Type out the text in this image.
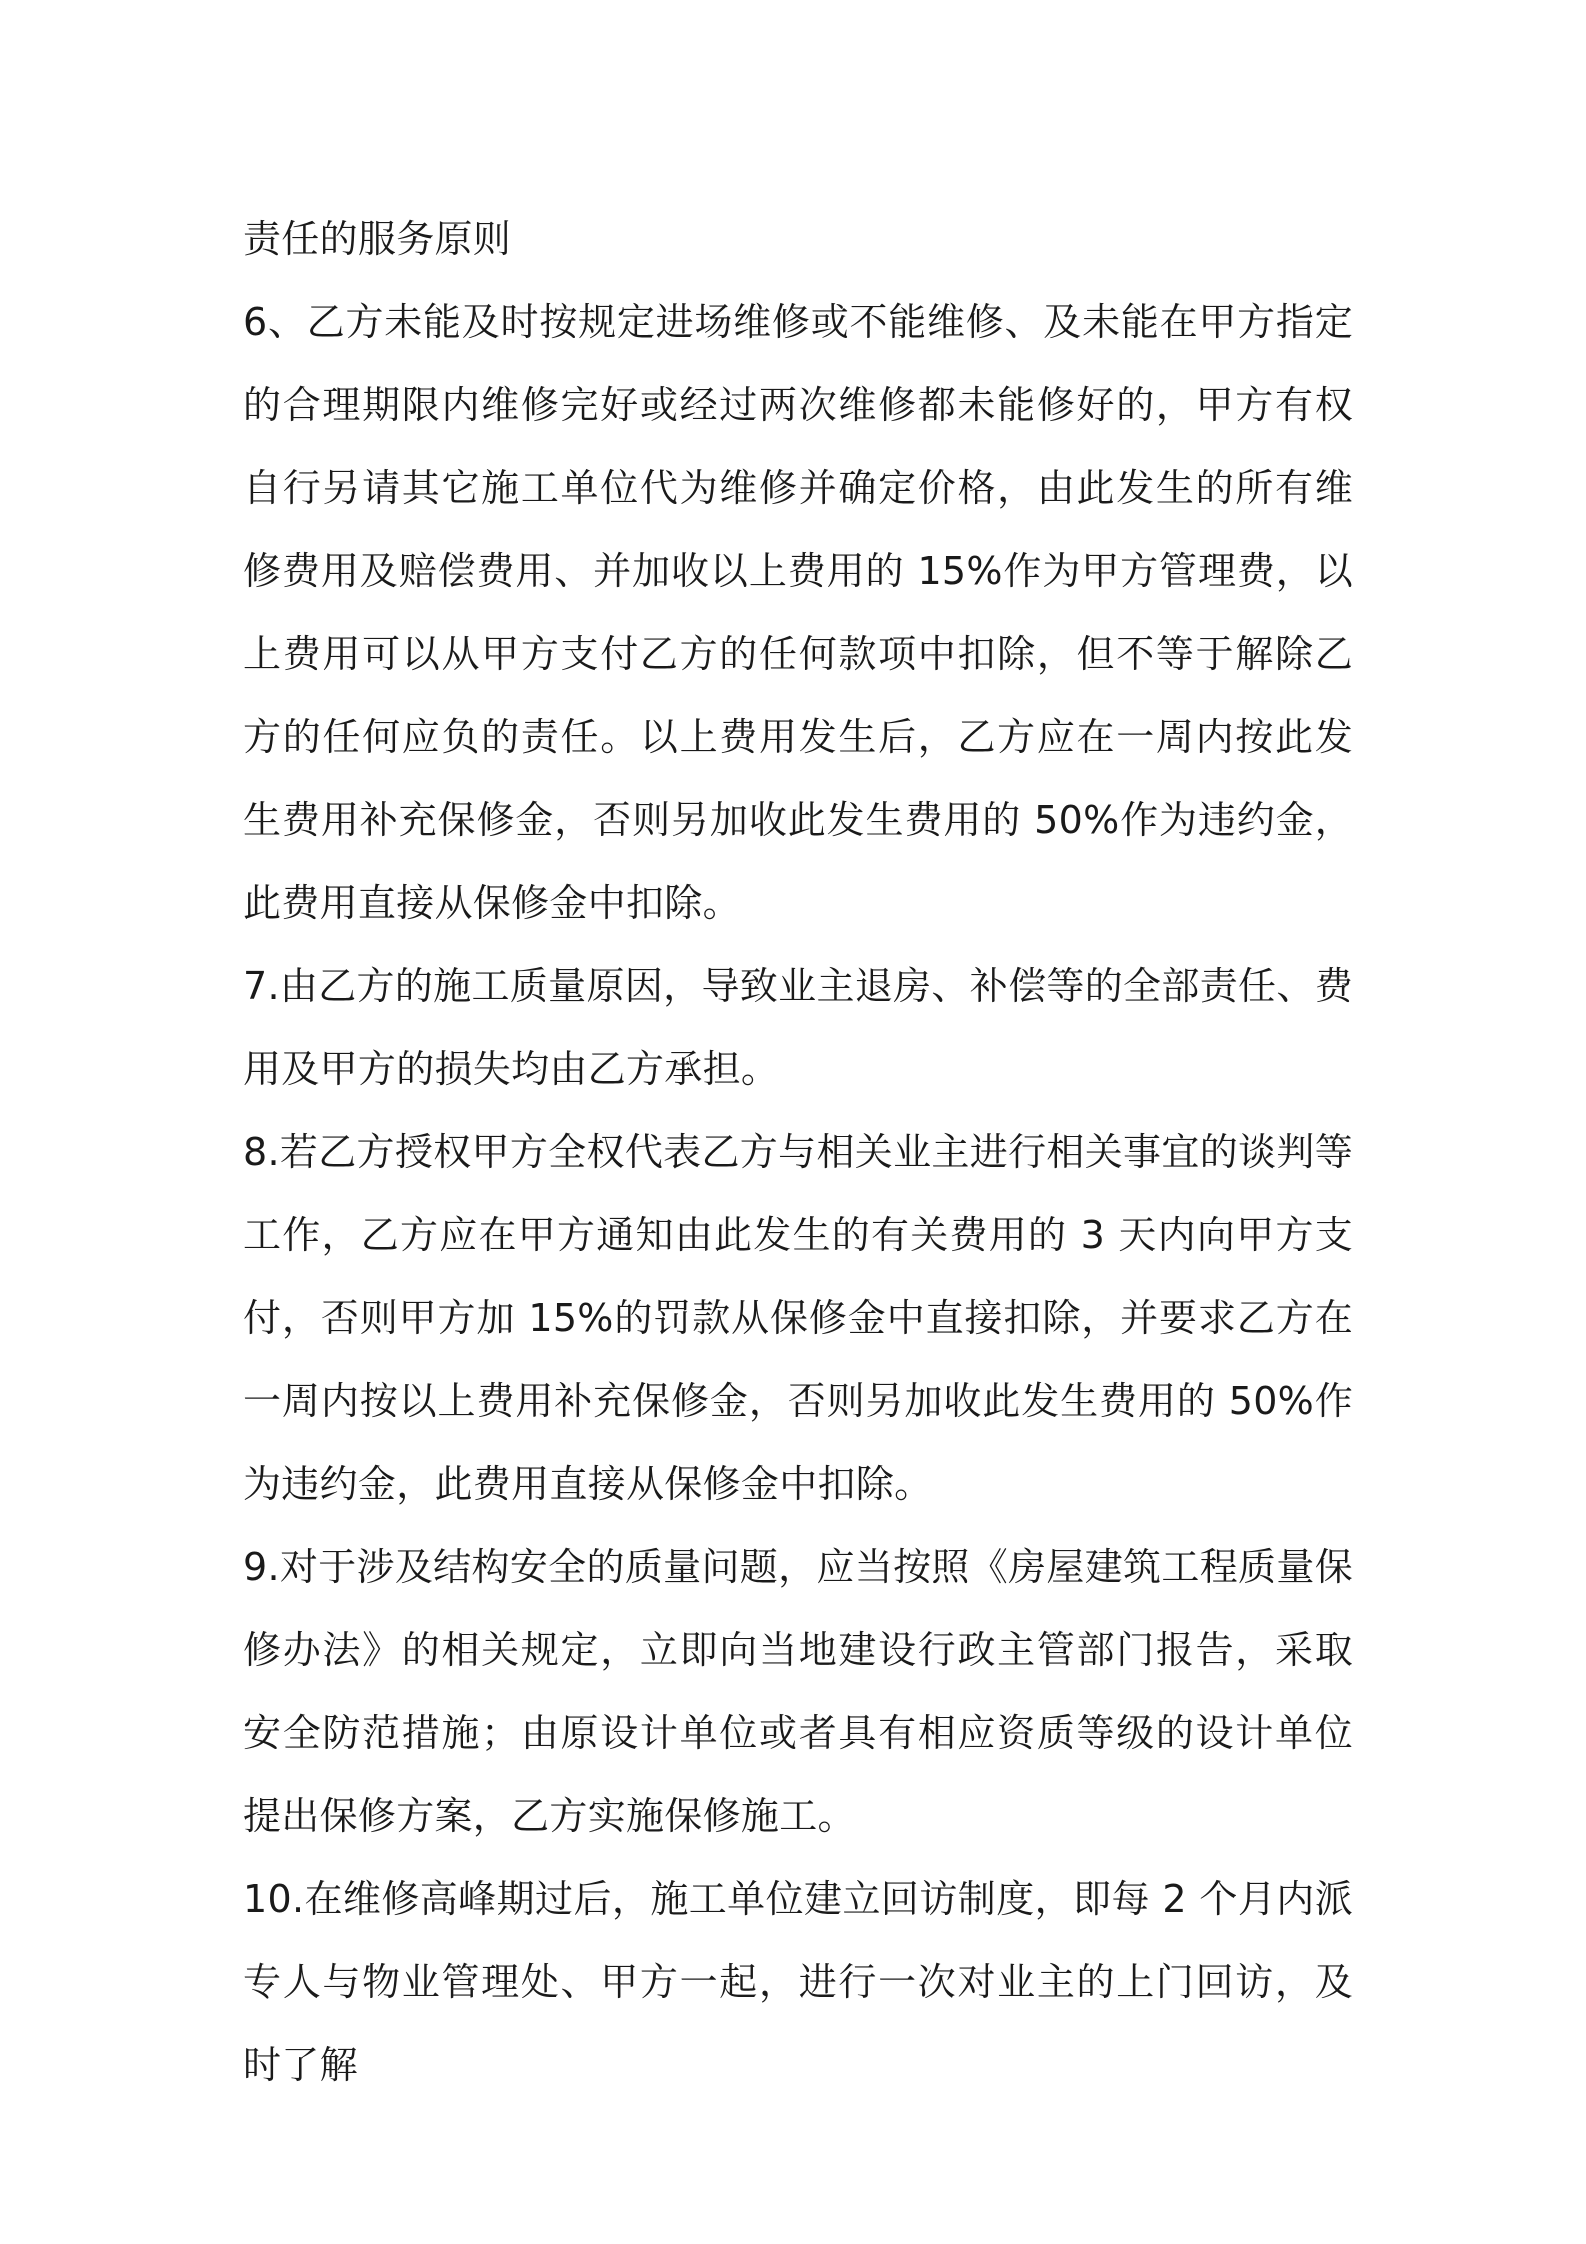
责任的服务原则

6、乙方未能及时按规定进场维修或不能维修、及未能在甲方指定的合理期限内维修完好或经过两次维修都未能修好的，甲方有权自行另请其它施工单位代为维修并确定价格，由此发生的所有维修费用及赔偿费用、并加收以上费用的 15%作为甲方管理费，以上费用可以从甲方支付乙方的任何款项中扣除，但不等于解除乙方的任何应负的责任。以上费用发生后，乙方应在一周内按此发生费用补充保修金，否则另加收此发生费用的 50%作为违约金，此费用直接从保修金中扣除。

7.由乙方的施工质量原因，导致业主退房、补偿等的全部责任、费用及甲方的损失均由乙方承担。

8.若乙方授权甲方全权代表乙方与相关业主进行相关事宜的谈判等工作，乙方应在甲方通知由此发生的有关费用的 3 天内向甲方支付，否则甲方加 15%的罚款从保修金中直接扣除，并要求乙方在一周内按以上费用补充保修金，否则另加收此发生费用的 50%作为违约金，此费用直接从保修金中扣除。

9.对于涉及结构安全的质量问题，应当按照《房屋建筑工程质量保修办法》的相关规定，立即向当地建设行政主管部门报告，采取安全防范措施；由原设计单位或者具有相应资质等级的设计单位提出保修方案，乙方实施保修施工。

10.在维修高峰期过后，施工单位建立回访制度，即每 2 个月内派专人与物业管理处、甲方一起，进行一次对业主的上门回访，及时了解
